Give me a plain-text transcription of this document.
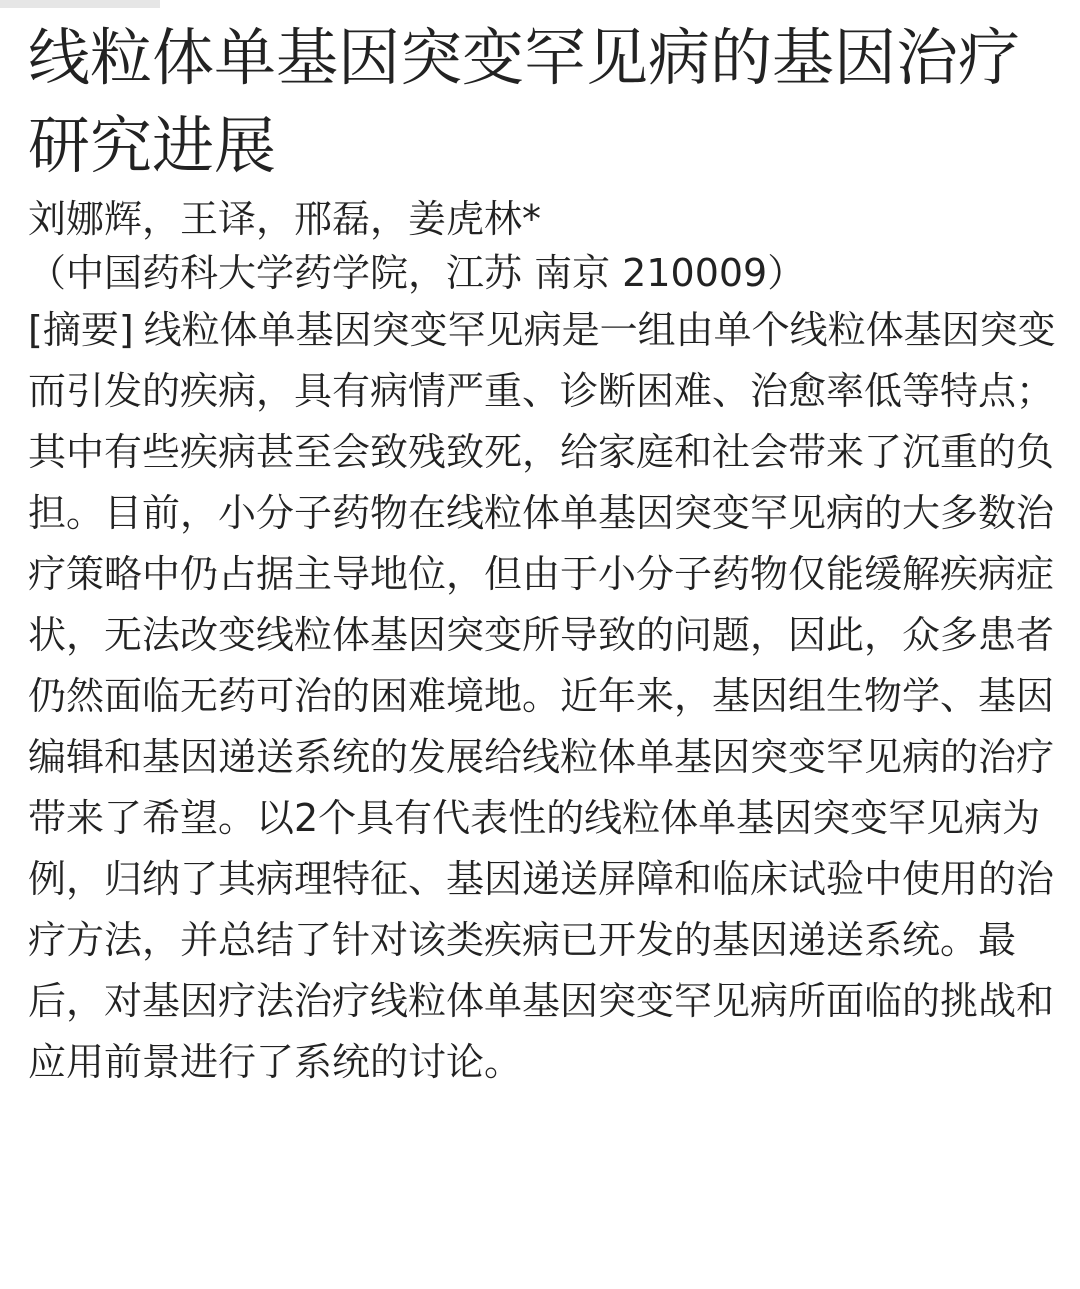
线粒体单基因突变罕见病的基因治疗研究进展

刘娜辉，王译，邢磊，姜虎林*

（中国药科大学药学院，江苏 南京 210009）

[摘要] 线粒体单基因突变罕见病是一组由单个线粒体基因突变而引发的疾病，具有病情严重、诊断困难、治愈率低等特点；其中有些疾病甚至会致残致死，给家庭和社会带来了沉重的负担。目前，小分子药物在线粒体单基因突变罕见病的大多数治疗策略中仍占据主导地位，但由于小分子药物仅能缓解疾病症状，无法改变线粒体基因突变所导致的问题，因此，众多患者仍然面临无药可治的困难境地。近年来，基因组生物学、基因编辑和基因递送系统的发展给线粒体单基因突变罕见病的治疗带来了希望。以2个具有代表性的线粒体单基因突变罕见病为例，归纳了其病理特征、基因递送屏障和临床试验中使用的治疗方法，并总结了针对该类疾病已开发的基因递送系统。最后，对基因疗法治疗线粒体单基因突变罕见病所面临的挑战和应用前景进行了系统的讨论。
